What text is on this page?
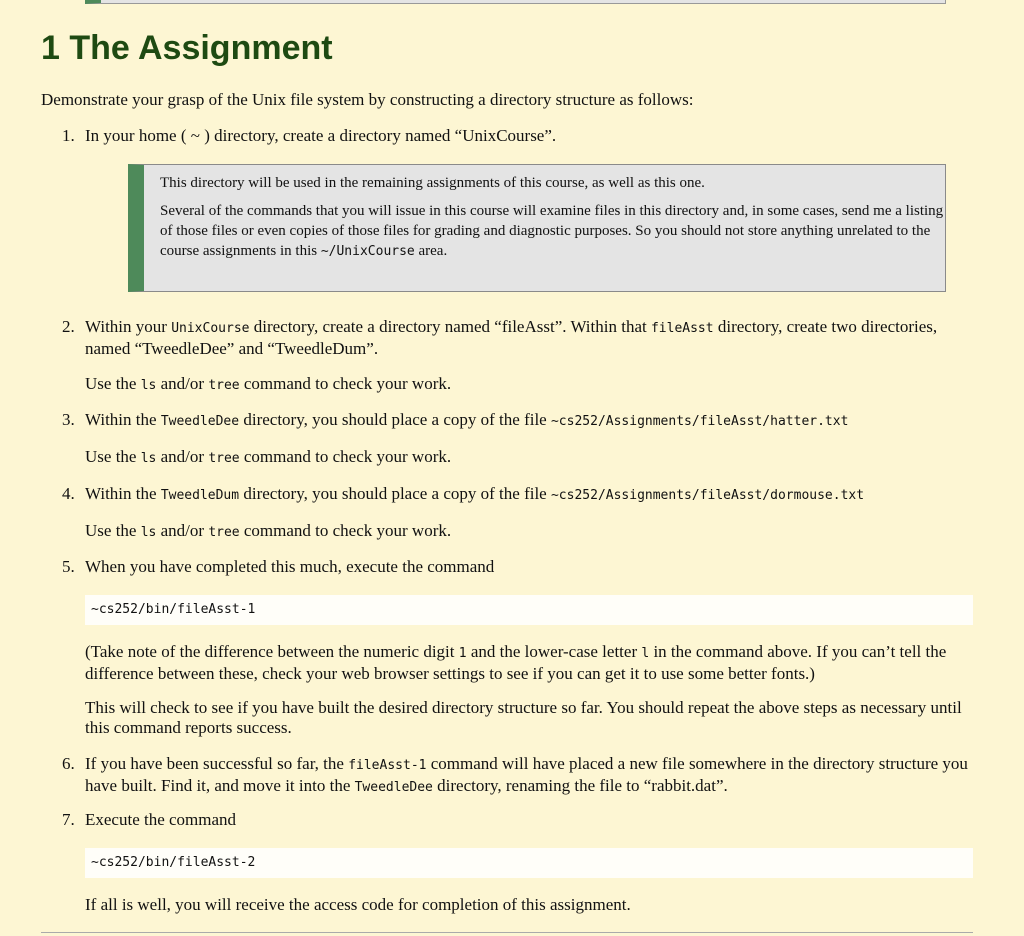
1 The Assignment

Demonstrate your grasp of the Unix file system by constructing a directory structure as follows:

1. In your home ( ~ ) directory, create a directory named “UnixCourse”.

This directory will be used in the remaining assignments of this course, as well as this one.

Several of the commands that you will issue in this course will examine files in this directory and, in some cases, send me a listing of those files or even copies of those files for grading and diagnostic purposes. So you should not store anything unrelated to the course assignments in this ~/UnixCourse area.

2. Within your UnixCourse directory, create a directory named “fileAsst”. Within that fileAsst directory, create two directories, named “TweedleDee” and “TweedleDum”.

Use the ls and/or tree command to check your work.

3. Within the TweedleDee directory, you should place a copy of the file ~cs252/Assignments/fileAsst/hatter.txt

Use the ls and/or tree command to check your work.

4. Within the TweedleDum directory, you should place a copy of the file ~cs252/Assignments/fileAsst/dormouse.txt

Use the ls and/or tree command to check your work.

5. When you have completed this much, execute the command

~cs252/bin/fileAsst-1

(Take note of the difference between the numeric digit 1 and the lower-case letter l in the command above. If you can’t tell the difference between these, check your web browser settings to see if you can get it to use some better fonts.)

This will check to see if you have built the desired directory structure so far. You should repeat the above steps as necessary until this command reports success.

6. If you have been successful so far, the fileAsst-1 command will have placed a new file somewhere in the directory structure you have built. Find it, and move it into the TweedleDee directory, renaming the file to “rabbit.dat”.

7. Execute the command

~cs252/bin/fileAsst-2

If all is well, you will receive the access code for completion of this assignment.
